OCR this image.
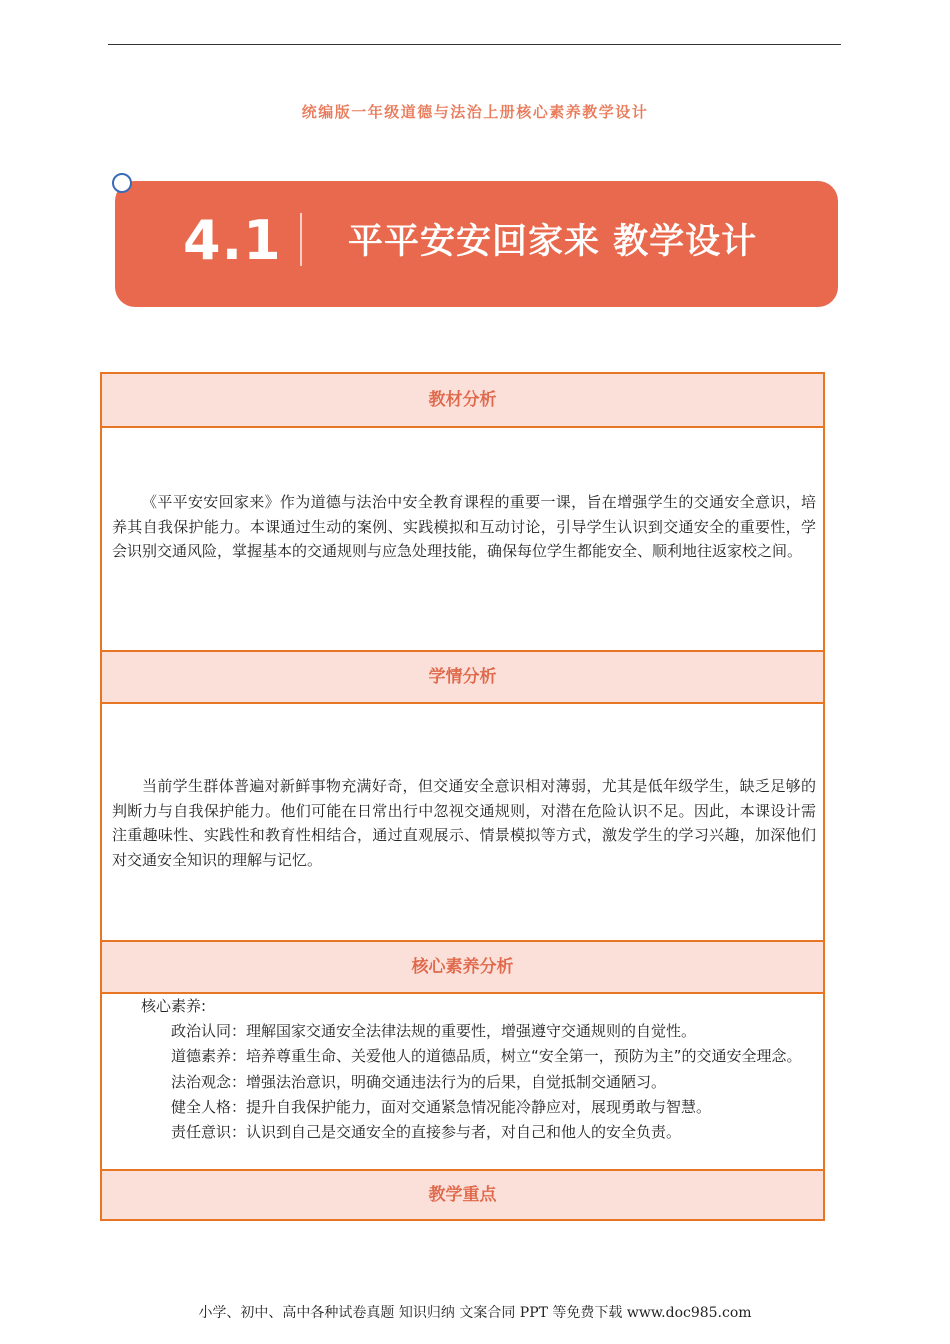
统编版一年级道德与法治上册核心素养教学设计
4.1 平平安安回家来 教学设计
教材分析

《平平安安回家来》作为道德与法治中安全教育课程的重要一课，旨在增强学生的交通安全意识，培养其自我保护能力。本课通过生动的案例、实践模拟和互动讨论，引导学生认识到交通安全的重要性，学会识别交通风险，掌握基本的交通规则与应急处理技能，确保每位学生都能安全、顺利地往返家校之间。

学情分析

当前学生群体普遍对新鲜事物充满好奇，但交通安全意识相对薄弱，尤其是低年级学生，缺乏足够的判断力与自我保护能力。他们可能在日常出行中忽视交通规则，对潜在危险认识不足。因此，本课设计需注重趣味性、实践性和教育性相结合，通过直观展示、情景模拟等方式，激发学生的学习兴趣，加深他们对交通安全知识的理解与记忆。

核心素养分析
教学重点

核心素养:

政治认同：理解国家交通安全法律法规的重要性，增强遵守交通规则的自觉性。

道德素养：培养尊重生命、关爱他人的道德品质，树立“安全第一，预防为主”的交通安全理念。

法治观念：增强法治意识，明确交通违法行为的后果，自觉抵制交通陋习。

健全人格：提升自我保护能力，面对交通紧急情况能冷静应对，展现勇敢与智慧。

责任意识：认识到自己是交通安全的直接参与者，对自己和他人的安全负责。

小学、初中、高中各种试卷真题 知识归纳 文案合同 PPT 等免费下载 www.doc985.com
